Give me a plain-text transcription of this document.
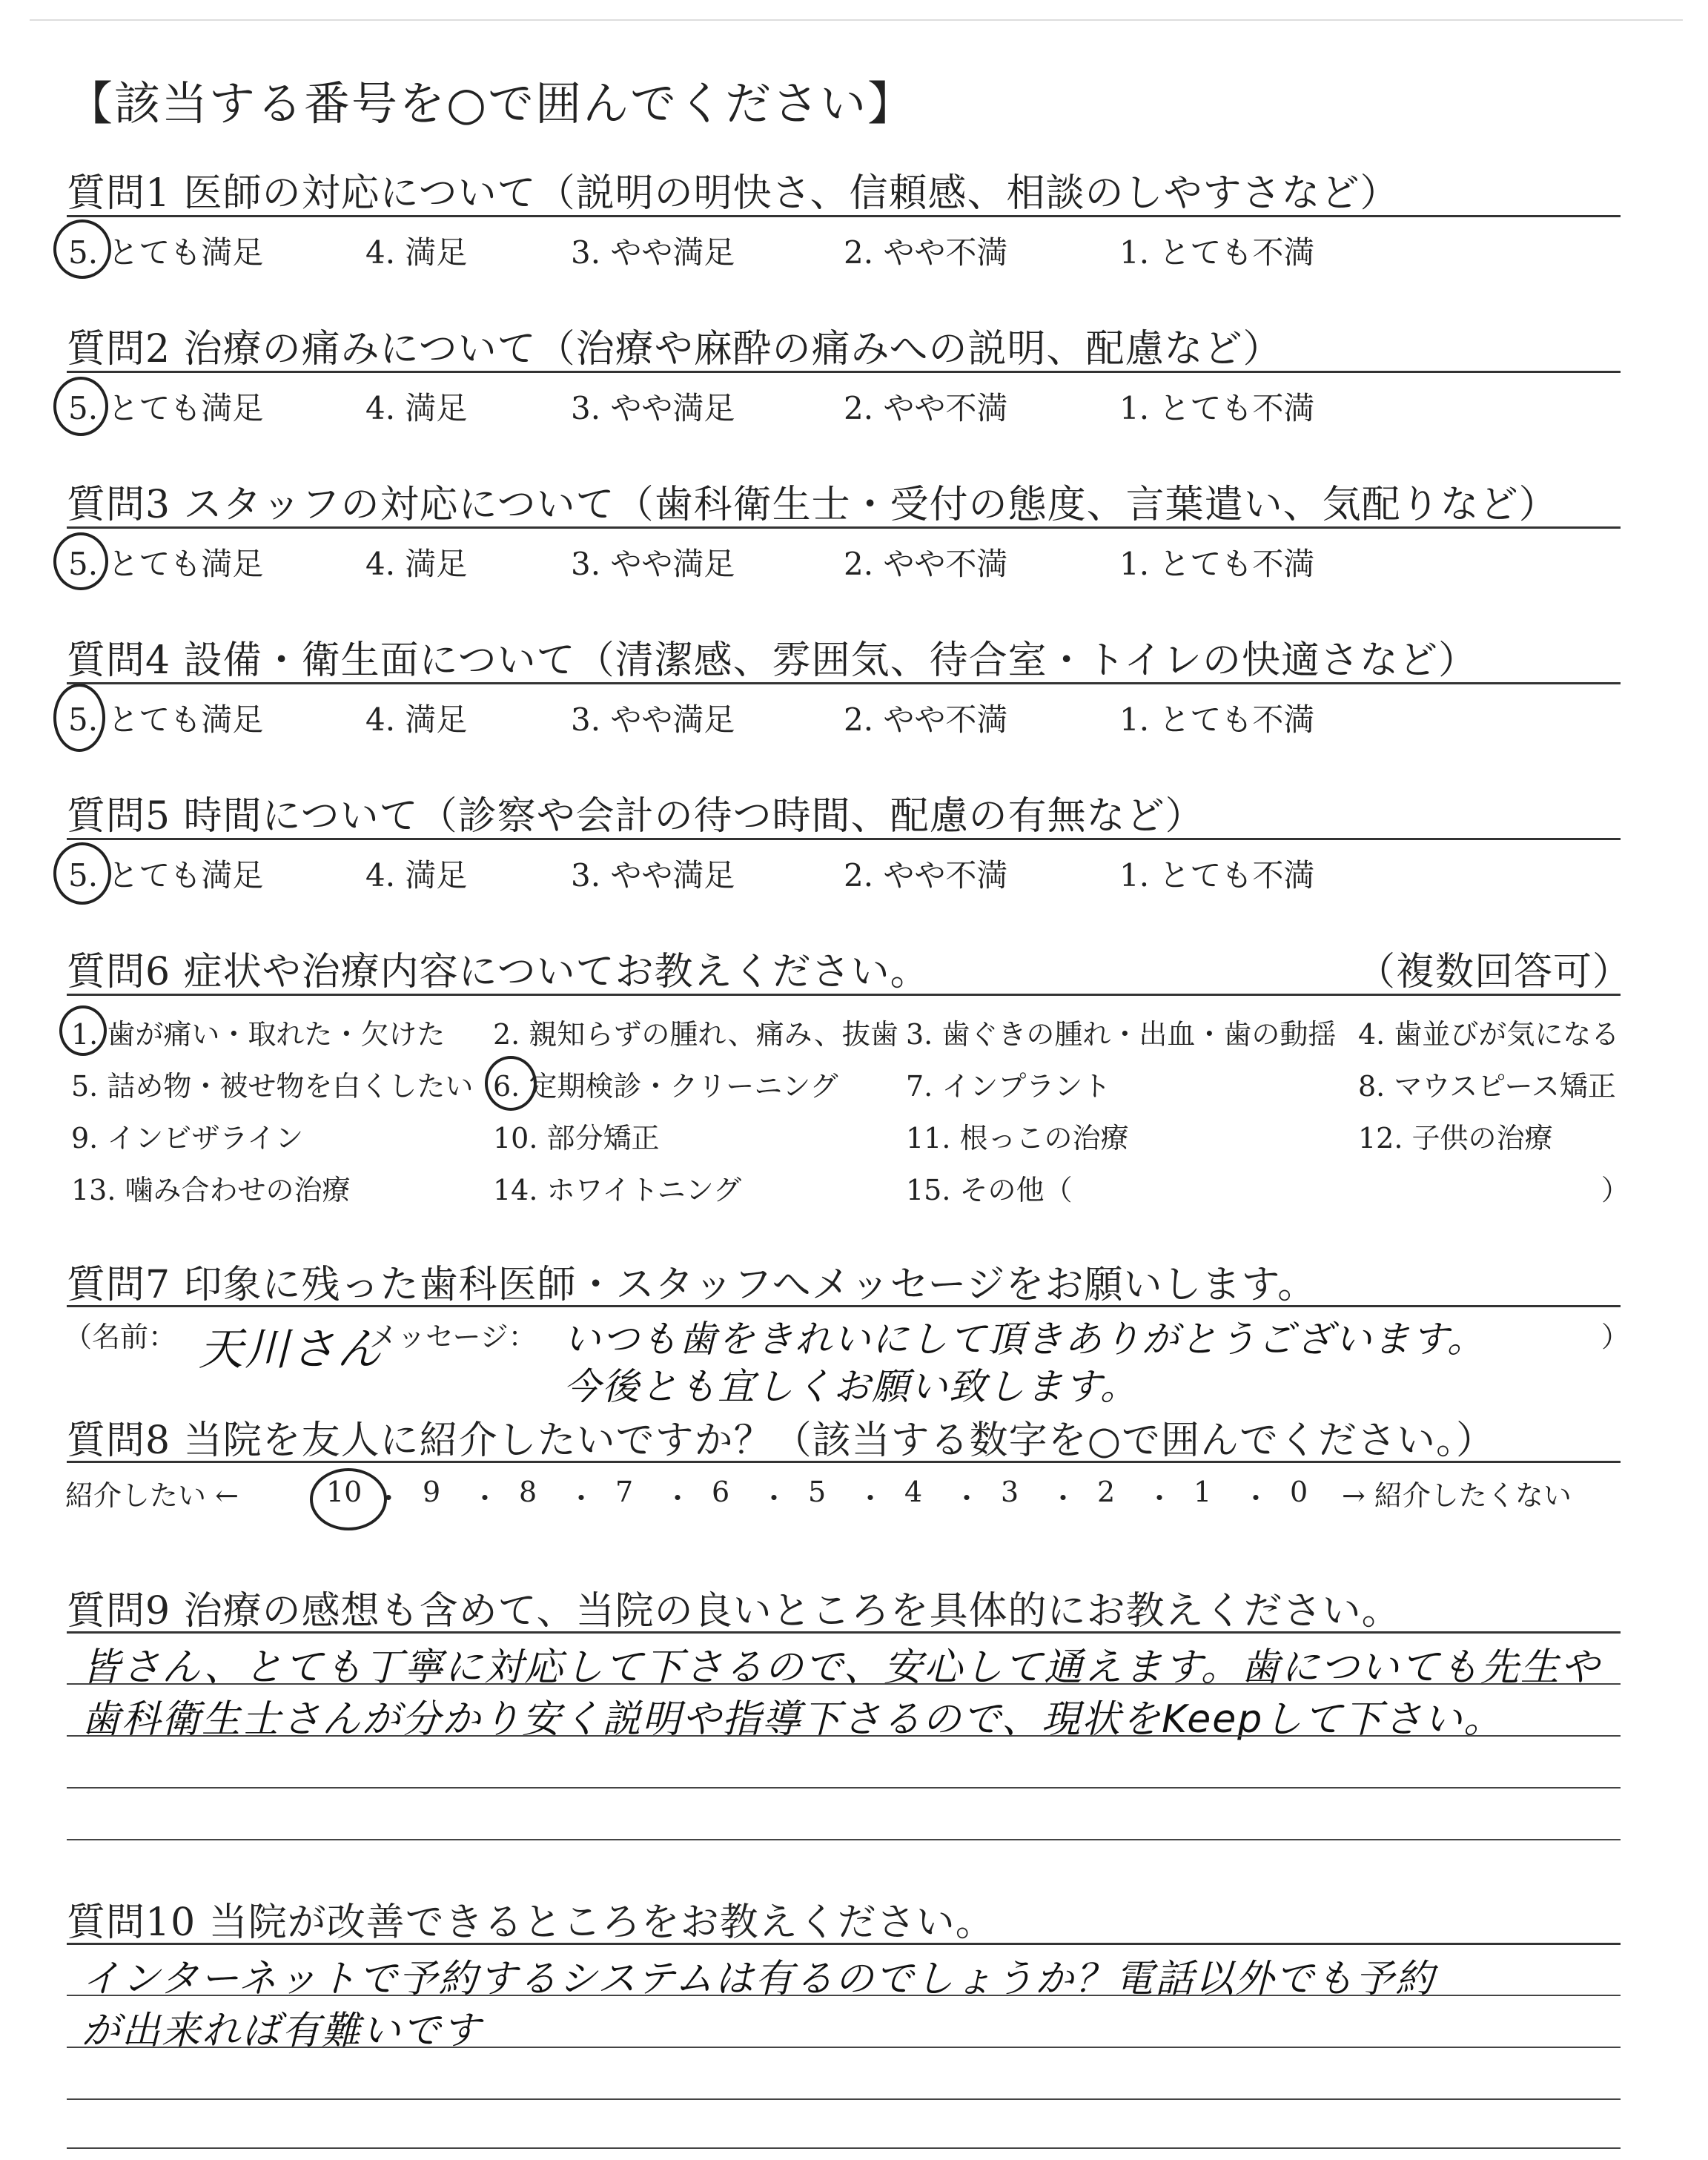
【該当する番号を○で囲んでください】
質問1 医師の対応について（説明の明快さ、信頼感、相談のしやすさなど）
5. とても満足	4. 満足	3. やや満足	2. やや不満	1. とても不満
質問2 治療の痛みについて（治療や麻酔の痛みへの説明、配慮など）
5. とても満足	4. 満足	3. やや満足	2. やや不満	1. とても不満
質問3 スタッフの対応について（歯科衛生士・受付の態度、言葉遣い、気配りなど）
5. とても満足	4. 満足	3. やや満足	2. やや不満	1. とても不満
質問4 設備・衛生面について（清潔感、雰囲気、待合室・トイレの快適さなど）
5. とても満足	4. 満足	3. やや満足	2. やや不満	1. とても不満
質問5 時間について（診察や会計の待つ時間、配慮の有無など）
5. とても満足	4. 満足	3. やや満足	2. やや不満	1. とても不満
質問6 症状や治療内容についてお教えください。	（複数回答可）
1. 歯が痛い・取れた・欠けた 2. 親知らずの腫れ、痛み、抜歯 3. 歯ぐきの腫れ・出血・歯の動揺 4. 歯並びが気になる
5. 詰め物・被せ物を白くしたい 6. 定期検診・クリーニング 7. インプラント	8. マウスピース矯正
9. インビザライン	10. 部分矯正	11. 根っこの治療	12. 子供の治療
13. 噛み合わせの治療	14. ホワイトニング	15. その他（	）
質問7 印象に残った歯科医師・スタッフへメッセージをお願いします。
（名前： 天川さん
メッセージ： いつも歯をきれいにして頂きありがとうございます。
今後とも宜しくお願い致します。
）
質問8 当院を友人に紹介したいですか？（該当する数字を○で囲んでください。）
紹介したい ←	10 ・ 9 ・ 8 ・ 7 ・ 6 ・ 5 ・ 4 ・ 3 ・ 2 ・ 1 ・ 0 → 紹介したくない
質問9 治療の感想も含めて、当院の良いところを具体的にお教えください。
皆さん、とても丁寧に対応して下さるので、安心して通えます。歯についても先生や
歯科衛生士さんが分かり安く説明や指導下さるので、現状をKeepして下さい。
質問10 当院が改善できるところをお教えください。
インターネットで予約するシステムは有るのでしょうか？電話以外でも予約
が出来れば有難いです
